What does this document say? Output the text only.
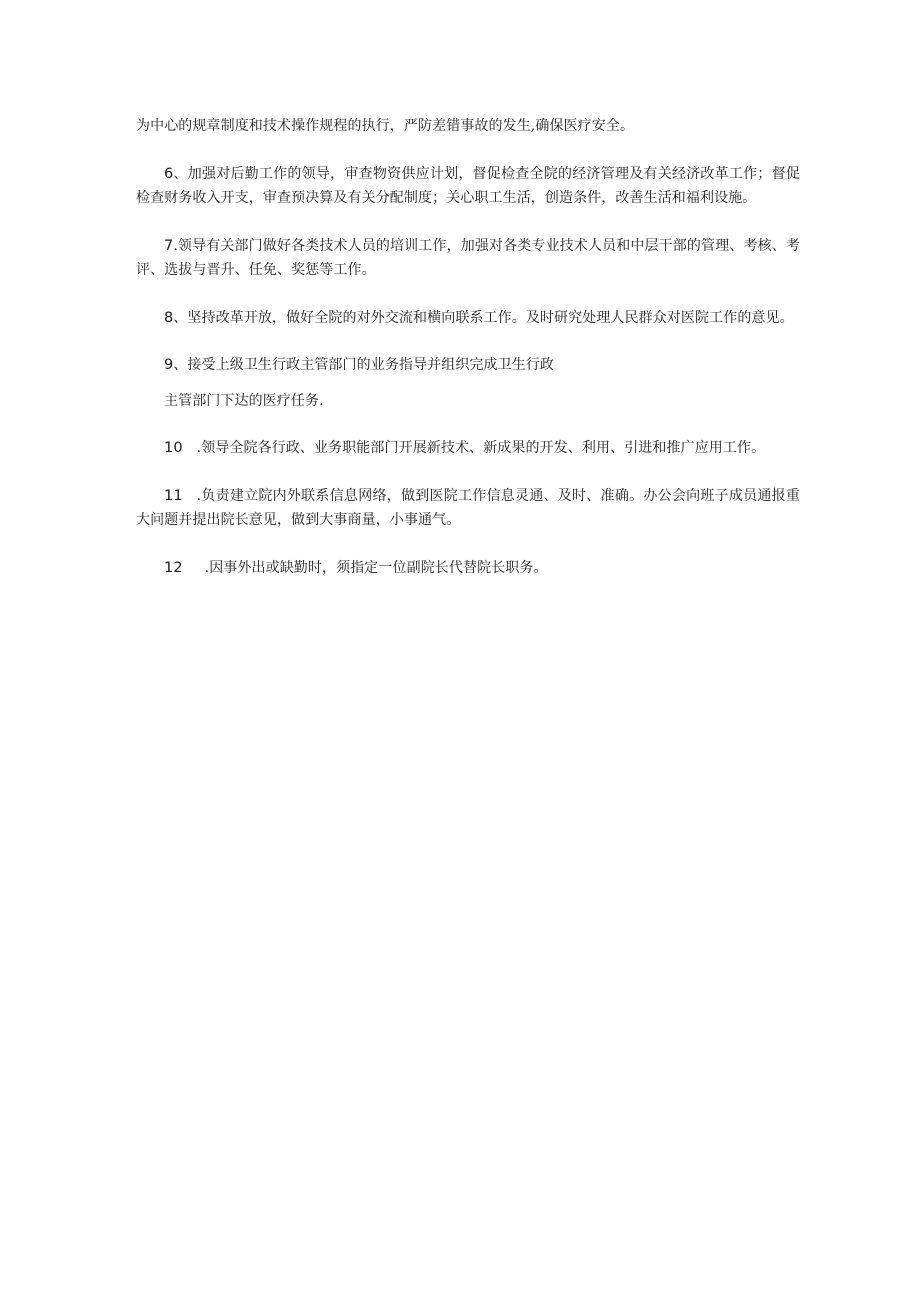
为中心的规章制度和技术操作规程的执行，严防差错事故的发生,确保医疗安全。

6、加强对后勤工作的领导，审查物资供应计划，督促检查全院的经济管理及有关经济改革工作；督促检查财务收入开支，审查预决算及有关分配制度；关心职工生活，创造条件，改善生活和福利设施。

7.领导有关部门做好各类技术人员的培训工作，加强对各类专业技术人员和中层干部的管理、考核、考评、选拔与晋升、任免、奖惩等工作。

8、坚持改革开放，做好全院的对外交流和横向联系工作。及时研究处理人民群众对医院工作的意见。

9、接受上级卫生行政主管部门的业务指导并组织完成卫生行政

主管部门下达的医疗任务.

10 .领导全院各行政、业务职能部门开展新技术、新成果的开发、利用、引进和推广应用工作。

11 .负责建立院内外联系信息网络，做到医院工作信息灵通、及时、准确。办公会向班子成员通报重大问题并提出院长意见，做到大事商量，小事通气。

12 .因事外出或缺勤时，须指定一位副院长代替院长职务。
